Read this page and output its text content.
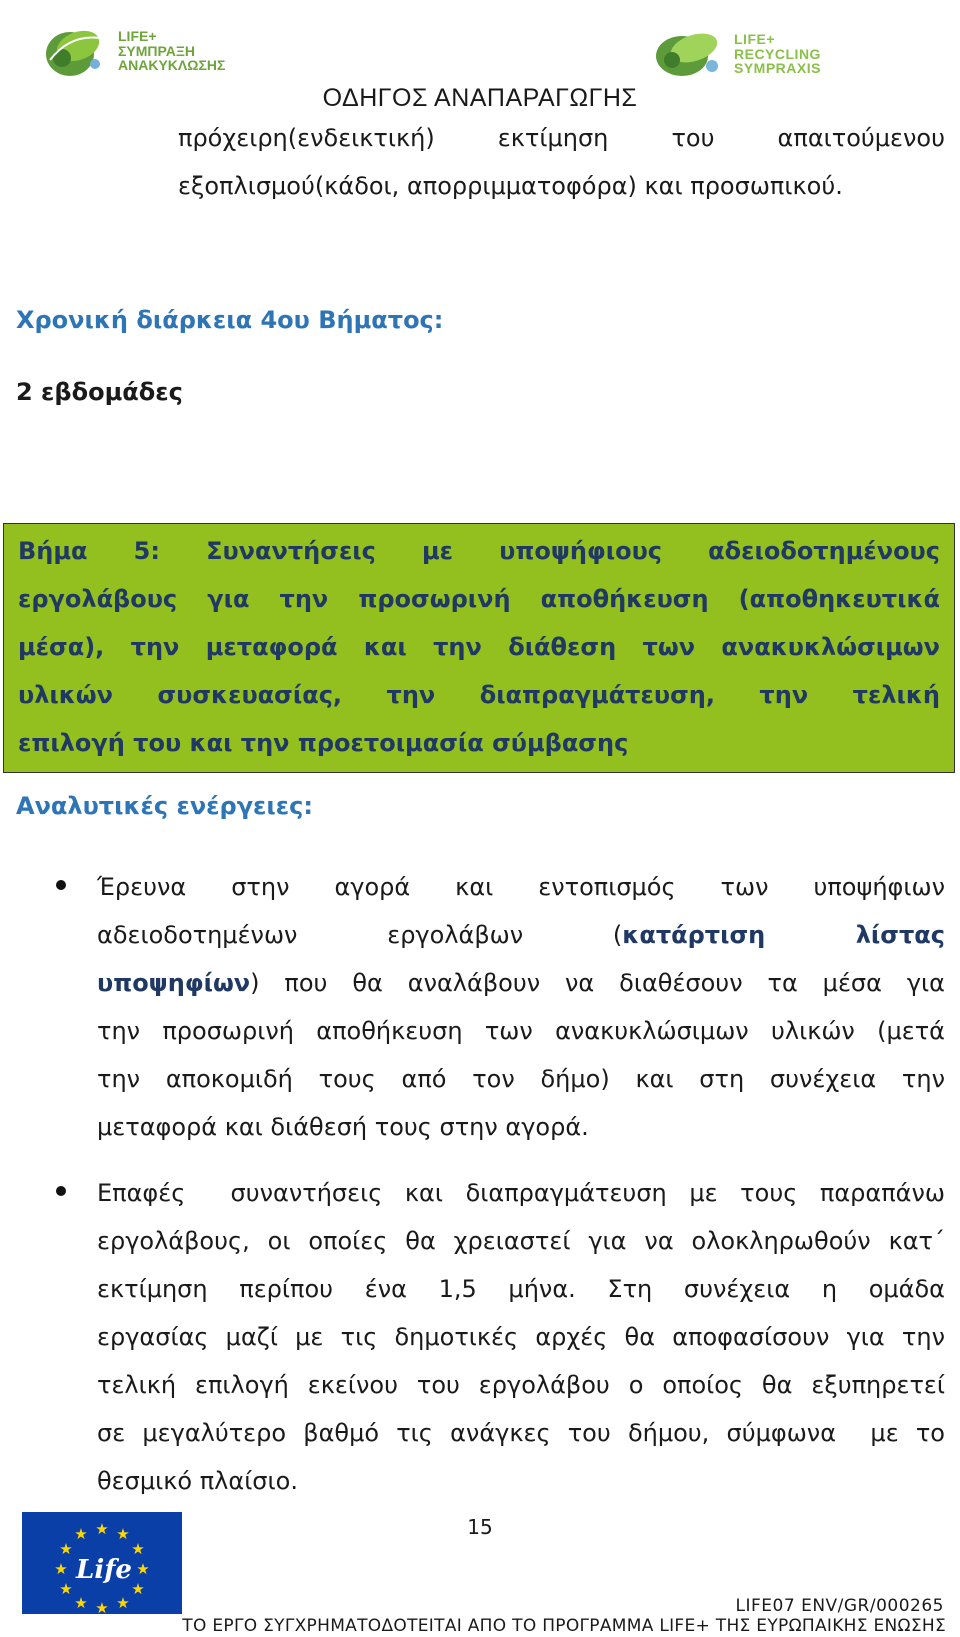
LIFE+
ΣΥΜΠΡΑΞΗ
ΑΝΑΚΥΚΛΩΣΗΣ
LIFE+
RECYCLING
SYMPRAXIS
ΟΔΗΓΟΣ ΑΝΑΠΑΡΑΓΩΓΗΣ
πρόχειρη(ενδεικτική)    εκτίμηση    του    απαιτούμενου
εξοπλισμού(κάδοι, απορριμματοφόρα) και προσωπικού.
Χρονική διάρκεια 4ου Βήματος:
2 εβδομάδες
Βήμα 5: Συναντήσεις με υποψήφιους αδειοδοτημένους
εργολάβους για την προσωρινή αποθήκευση (αποθηκευτικά
μέσα), την μεταφορά και την διάθεση των ανακυκλώσιμων
υλικών συσκευασίας, την διαπραγμάτευση, την τελική
επιλογή του και την προετοιμασία σύμβασης
Αναλυτικές ενέργειες:
Έρευνα στην αγορά και εντοπισμός των υποψήφιων
αδειοδοτημένων εργολάβων (κατάρτιση λίστας
υποψηφίων) που θα αναλάβουν να διαθέσουν τα μέσα για
την προσωρινή αποθήκευση των ανακυκλώσιμων υλικών (μετά
την αποκομιδή τους από τον δήμο) και στη συνέχεια την
μεταφορά και διάθεσή τους στην αγορά.
Επαφές  συναντήσεις και διαπραγμάτευση με τους παραπάνω
εργολάβους, οι οποίες θα χρειαστεί για να ολοκληρωθούν κατ΄
εκτίμηση περίπου ένα 1,5 μήνα. Στη συνέχεια η ομάδα
εργασίας μαζί με τις δημοτικές αρχές θα αποφασίσουν για την
τελική επιλογή εκείνου του εργολάβου ο οποίος θα εξυπηρετεί
σε μεγαλύτερο βαθμό τις ανάγκες του δήμου, σύμφωνα  με το
θεσμικό πλαίσιο.
15
★ ★
★
★
★
★
★
★
★
★
★
★
Life
LIFE07 ENV/GR/000265
ΤΟ ΕΡΓΟ ΣΥΓΧΡΗΜΑΤΟΔΟΤΕΙΤΑΙ ΑΠΟ ΤΟ ΠΡΟΓΡΑΜΜΑ LIFE+ ΤΗΣ ΕΥΡΩΠΑΙΚΗΣ ΕΝΩΣΗΣ
